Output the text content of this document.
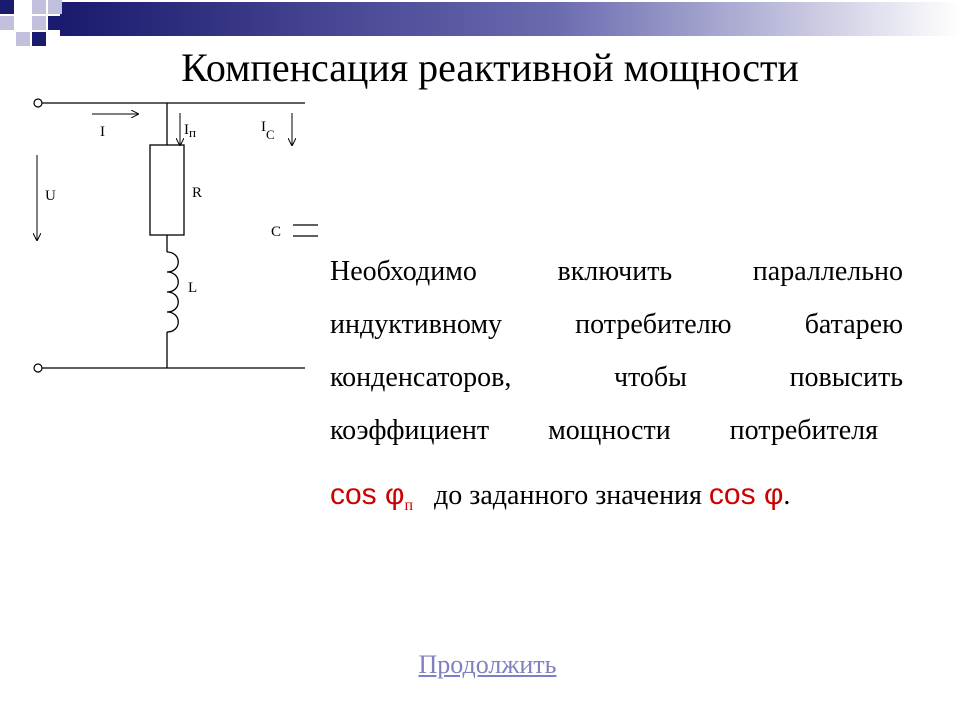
Компенсация реактивной мощности
I	Iп	IC
U	R
L
C
Необходимо	включить	параллельно
индуктивному	потребителю	батарею
конденсаторов,	чтобы	повысить
коэффициент мощности потребителя
$\cos \varphi_п$ до заданного значения cos φ.
Продолжить
